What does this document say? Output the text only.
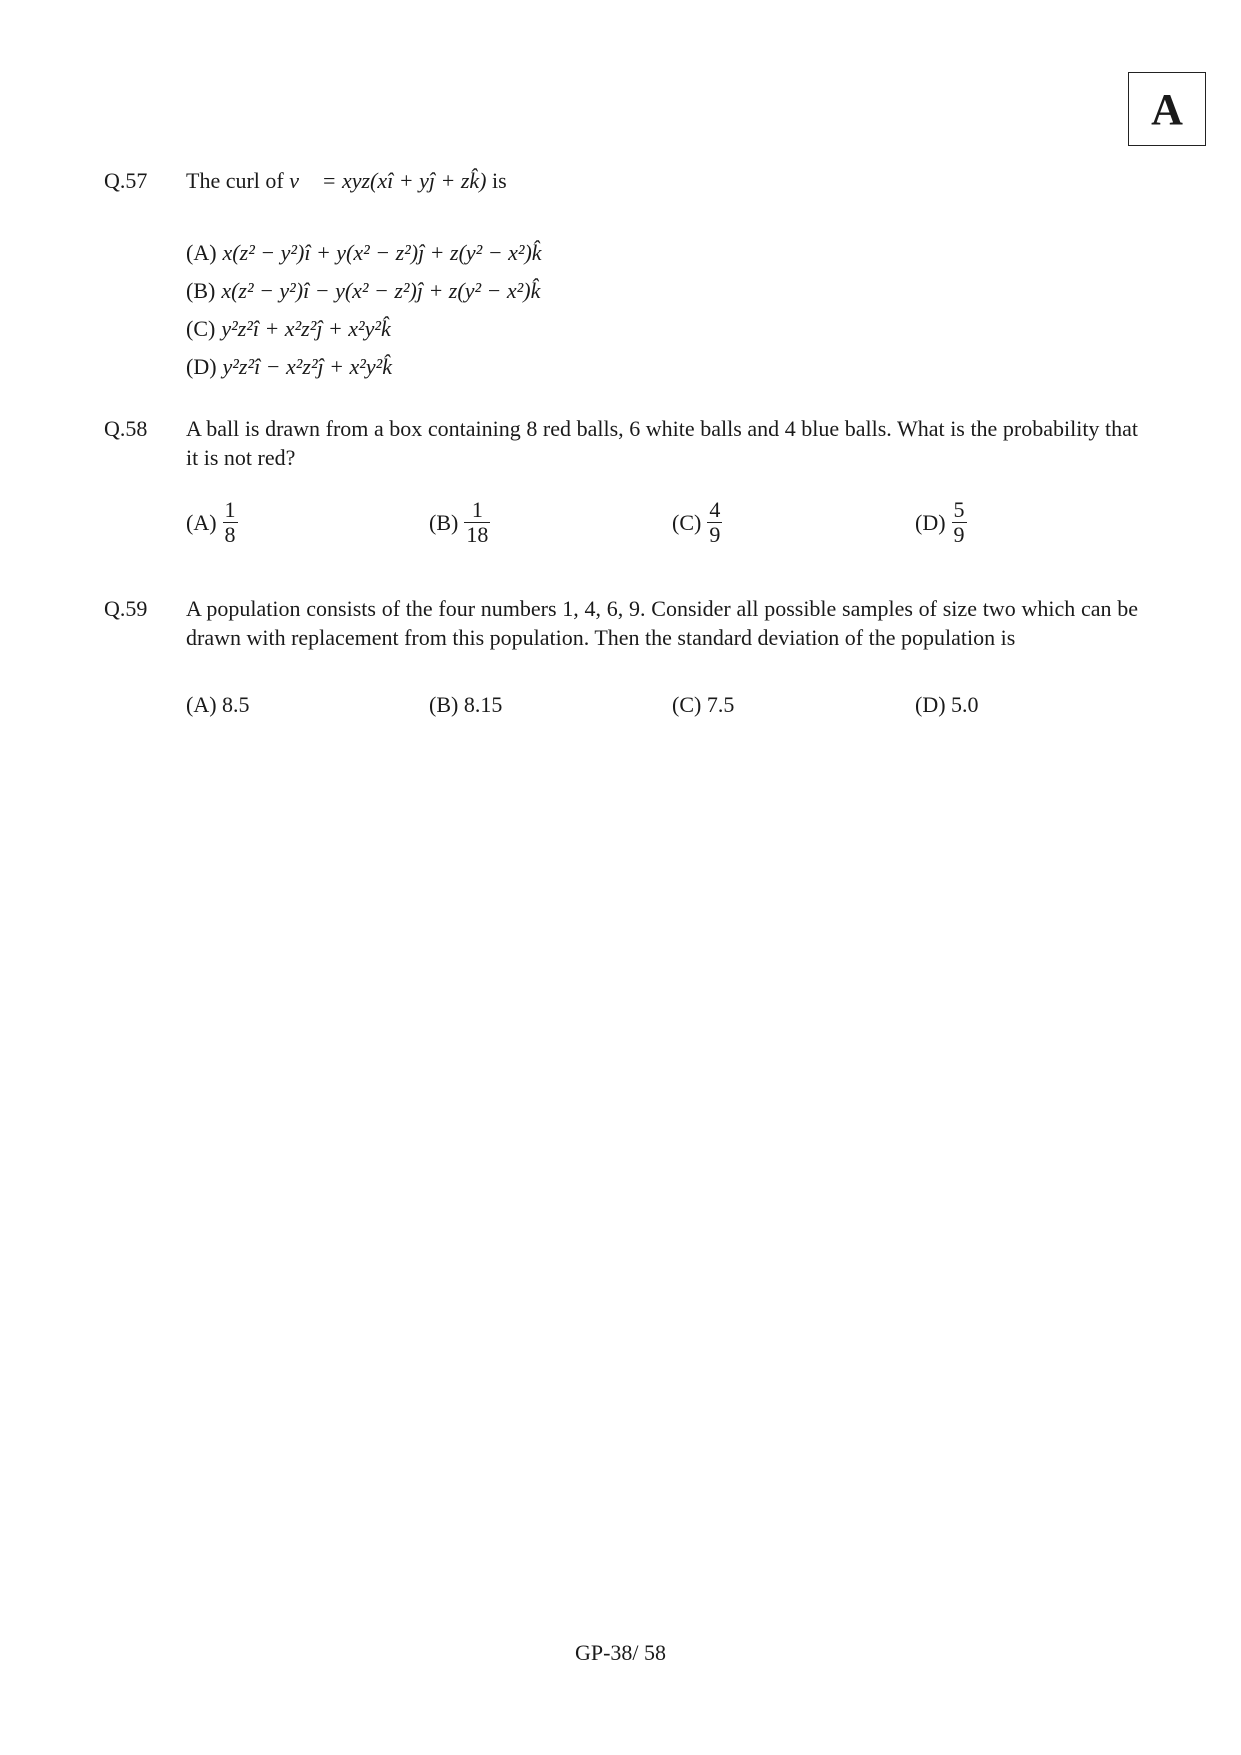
A
Q.57 The curl of v⃗ = xyz(xî + yĵ + zk̂) is
(A) x(z² − y²)î + y(x² − z²)ĵ + z(y² − x²)k̂
(B) x(z² − y²)î − y(x² − z²)ĵ + z(y² − x²)k̂
(C) y²z²î + x²z²ĵ + x²y²k̂
(D) y²z²î − x²z²ĵ + x²y²k̂
Q.58 A ball is drawn from a box containing 8 red balls, 6 white balls and 4 blue balls. What is the probability that it is not red?
$(A) \frac{1}{8}$	$(B) \frac{1}{18}$	$(C) \frac{4}{9}$	$(D) \frac{5}{9}$
Q.59 A population consists of the four numbers 1, 4, 6, 9. Consider all possible samples of size two which can be drawn with replacement from this population. Then the standard deviation of the population is
(A)
8.5	(B)
8.15	(C)
7.5	(D)
5.0
GP-38/ 58
